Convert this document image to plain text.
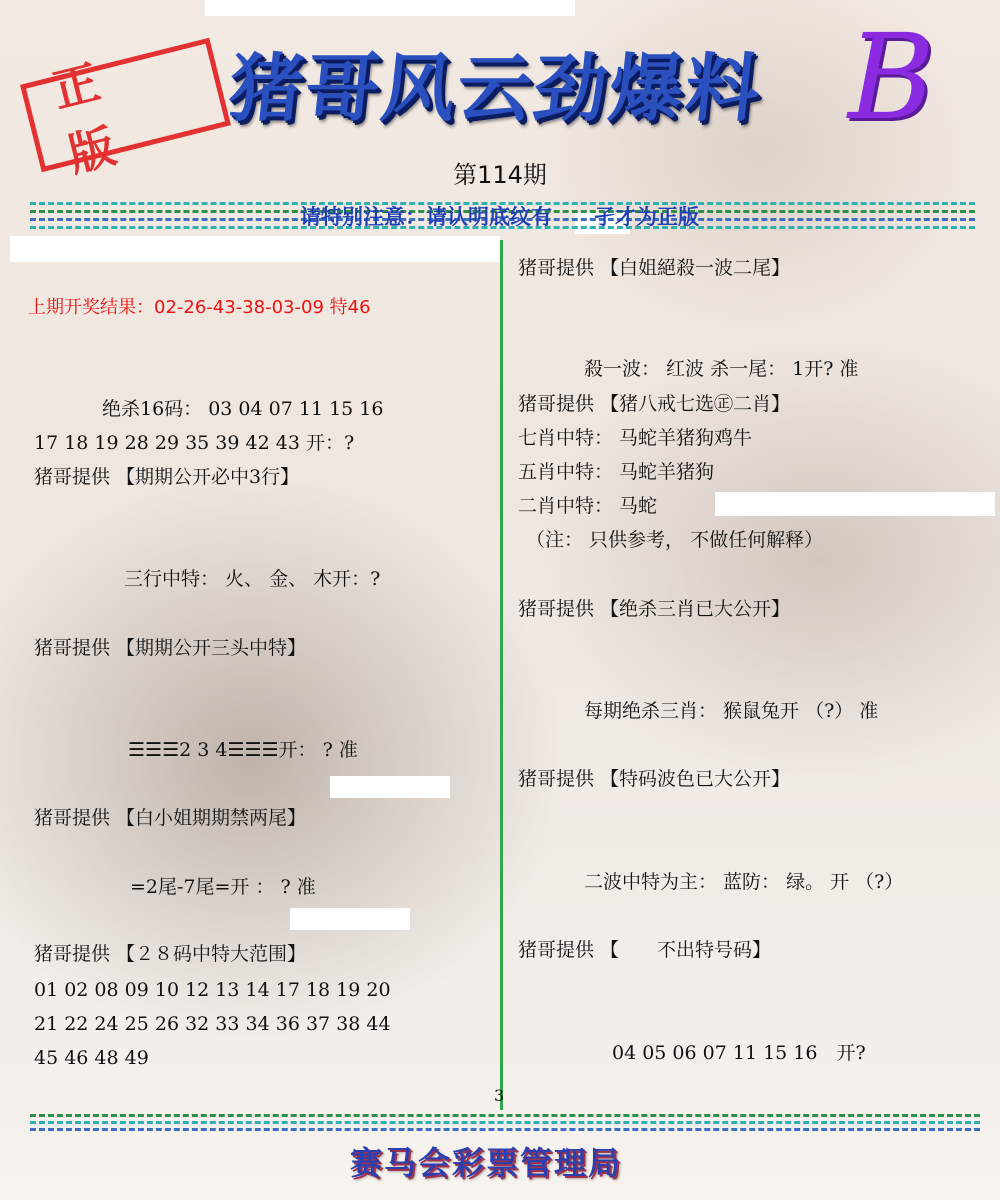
正 版
猪哥风云劲爆料 B
第114期
请特别注意：请认明底纹有　　孑才为正版
上期开奖结果：02-26-43-38-03-09 特46
绝杀16码： 03 04 07 11 15 16
17 18 19 28 29 35 39 42 43 开：?
猪哥提供 【期期公开必中3行】
三行中特： 火、 金、 木开：?
猪哥提供 【期期公开三头中特】
☰☰☰2 3 4☰☰☰开： ? 准
猪哥提供 【白小姐期期禁两尾】
=2尾-7尾=开 ： ? 准
猪哥提供 【２８码中特大范围】
01 02 08 09 10 12 13 14 17 18 19 20
21 22 24 25 26 32 33 34 36 37 38 44
45 46 48 49
猪哥提供 【白姐絕殺一波二尾】
殺一波： 红波 杀一尾： 1开? 准
猪哥提供 【猪八戒七选㊣二肖】
七肖中特： 马蛇羊猪狗鸡牛
五肖中特： 马蛇羊猪狗
二肖中特： 马蛇
（注： 只供参考， 不做任何解释）
猪哥提供 【绝杀三肖已大公开】
每期绝杀三肖： 猴鼠兔开 （?） 准
猪哥提供 【特码波色已大公开】
二波中特为主： 蓝防： 绿。 开 （?）
猪哥提供 【　　不出特号码】
04 05 06 07 11 15 16　开?
3
赛马会彩票管理局
